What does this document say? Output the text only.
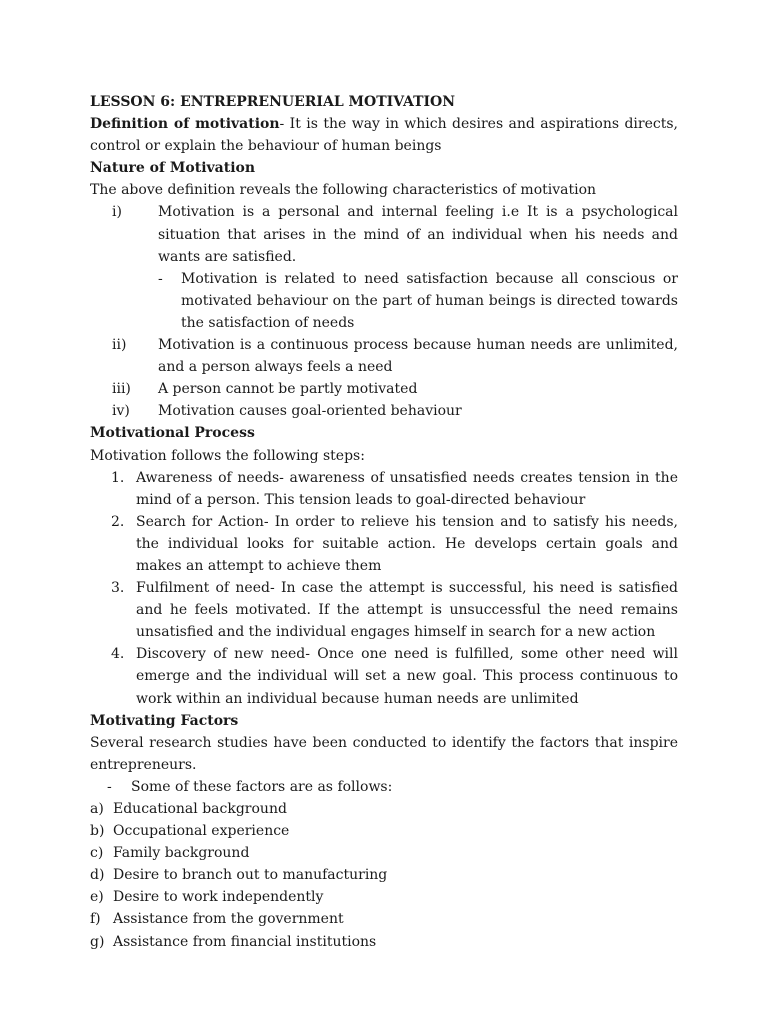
LESSON 6: ENTREPRENUERIAL MOTIVATION

Definition of motivation- It is the way in which desires and aspirations directs, control or explain the behaviour of human beings

Nature of Motivation

The above definition reveals the following characteristics of motivation

i)	Motivation is a personal and internal feeling i.e It is a psychological situation that arises in the mind of an individual when his needs and wants are satisfied.
-	Motivation is related to need satisfaction because all conscious or motivated behaviour on the part of human beings is directed towards the satisfaction of needs
ii)	Motivation is a continuous process because human needs are unlimited, and a person always feels a need
iii)	A person cannot be partly motivated
iv)	Motivation causes goal-oriented behaviour

Motivational Process

Motivation follows the following steps:

1. Awareness of needs- awareness of unsatisfied needs creates tension in the mind of a person. This tension leads to goal-directed behaviour
2. Search for Action- In order to relieve his tension and to satisfy his needs, the individual looks for suitable action. He develops certain goals and makes an attempt to achieve them
3. Fulfilment of need- In case the attempt is successful, his need is satisfied and he feels motivated. If the attempt is unsuccessful the need remains unsatisfied and the individual engages himself in search for a new action
4. Discovery of new need- Once one need is fulfilled, some other need will emerge and the individual will set a new goal. This process continuous to work within an individual because human needs are unlimited

Motivating Factors

Several research studies have been conducted to identify the factors that inspire entrepreneurs.

-	Some of these factors are as follows:
a) Educational background
b) Occupational experience
c) Family background
d) Desire to branch out to manufacturing
e) Desire to work independently
f) Assistance from the government
g) Assistance from financial institutions
